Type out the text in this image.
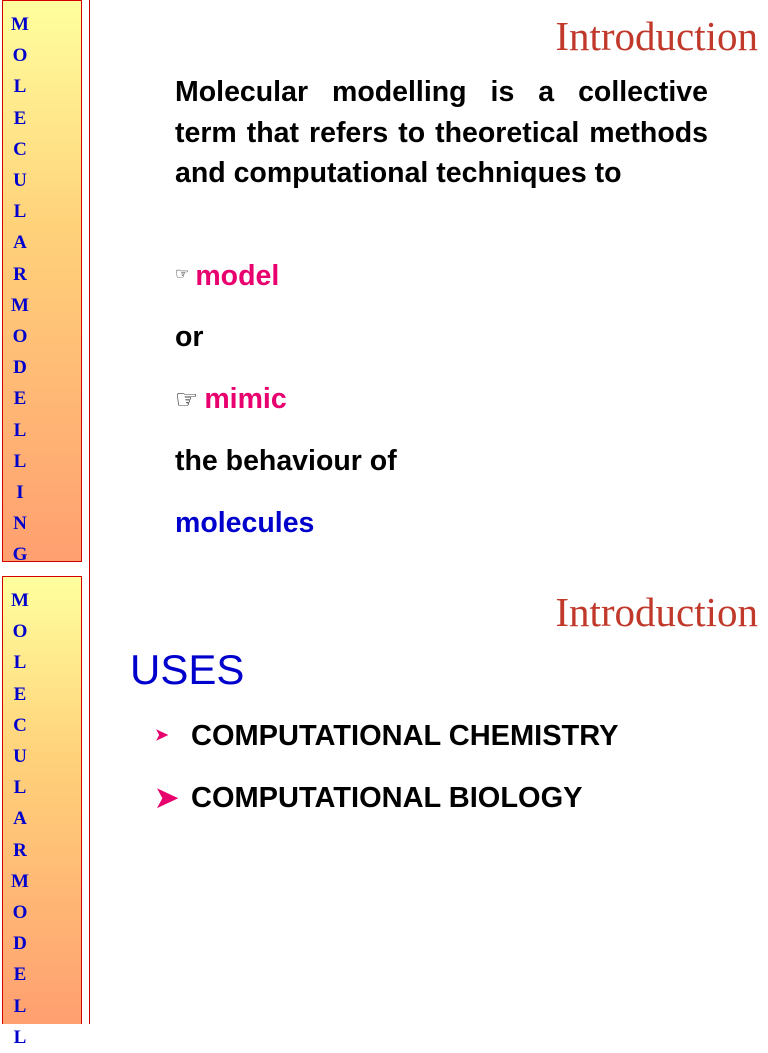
M
O
L
E
C
U
L
A
R
M
O
D
E
L
L
I
N
G
Introduction
Molecular modelling is a collective term that refers to theoretical methods and computational techniques to
☞ model
or
☞ mimic
the behaviour of
molecules
M
O
L
E
C
U
L
A
R
M
O
D
E
L
L
Introduction
USES
➤ COMPUTATIONAL CHEMISTRY
➤ COMPUTATIONAL BIOLOGY
